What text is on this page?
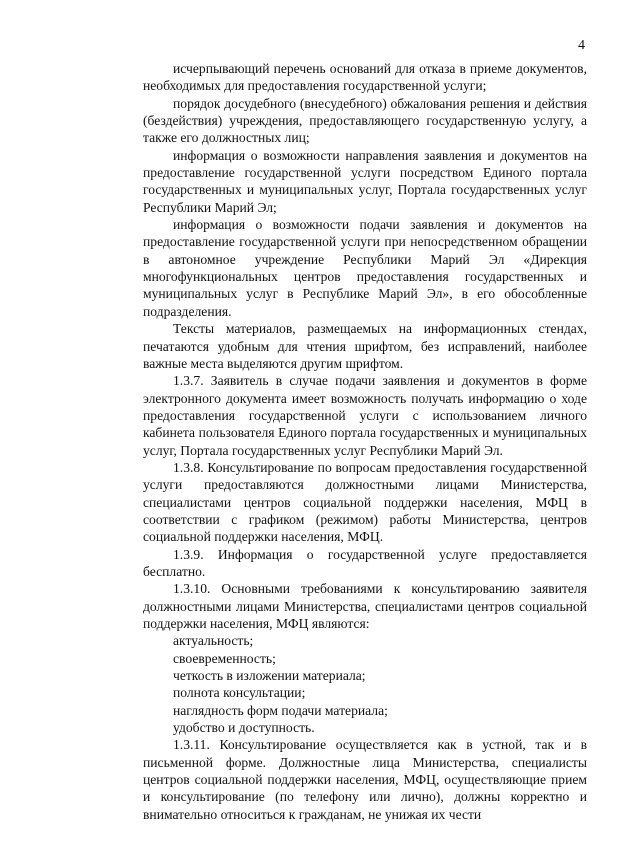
4

исчерпывающий перечень оснований для отказа в приеме документов, необходимых для предоставления государственной услуги;

порядок досудебного (внесудебного) обжалования решения и действия (бездействия) учреждения, предоставляющего государственную услугу, а также его должностных лиц;

информация о возможности направления заявления и документов на предоставление государственной услуги посредством Единого портала государственных и муниципальных услуг, Портала государственных услуг Республики Марий Эл;

информация о возможности подачи заявления и документов на предоставление государственной услуги при непосредственном обращении в автономное учреждение Республики Марий Эл «Дирекция многофункциональных центров предоставления государственных и муниципальных услуг в Республике Марий Эл», в его обособленные подразделения.

Тексты материалов, размещаемых на информационных стендах, печатаются удобным для чтения шрифтом, без исправлений, наиболее важные места выделяются другим шрифтом.

1.3.7. Заявитель в случае подачи заявления и документов в форме электронного документа имеет возможность получать информацию о ходе предоставления государственной услуги с использованием личного кабинета пользователя Единого портала государственных и муниципальных услуг, Портала государственных услуг Республики Марий Эл.

1.3.8. Консультирование по вопросам предоставления государственной услуги предоставляются должностными лицами Министерства, специалистами центров социальной поддержки населения, МФЦ в соответствии с графиком (режимом) работы Министерства, центров социальной поддержки населения, МФЦ.

1.3.9. Информация о государственной услуге предоставляется бесплатно.

1.3.10. Основными требованиями к консультированию заявителя должностными лицами Министерства, специалистами центров социальной поддержки населения, МФЦ являются:

актуальность;

своевременность;

четкость в изложении материала;

полнота консультации;

наглядность форм подачи материала;

удобство и доступность.

1.3.11. Консультирование осуществляется как в устной, так и в письменной форме. Должностные лица Министерства, специалисты центров социальной поддержки населения, МФЦ, осуществляющие прием и консультирование (по телефону или лично), должны корректно и внимательно относиться к гражданам, не унижая их чести
